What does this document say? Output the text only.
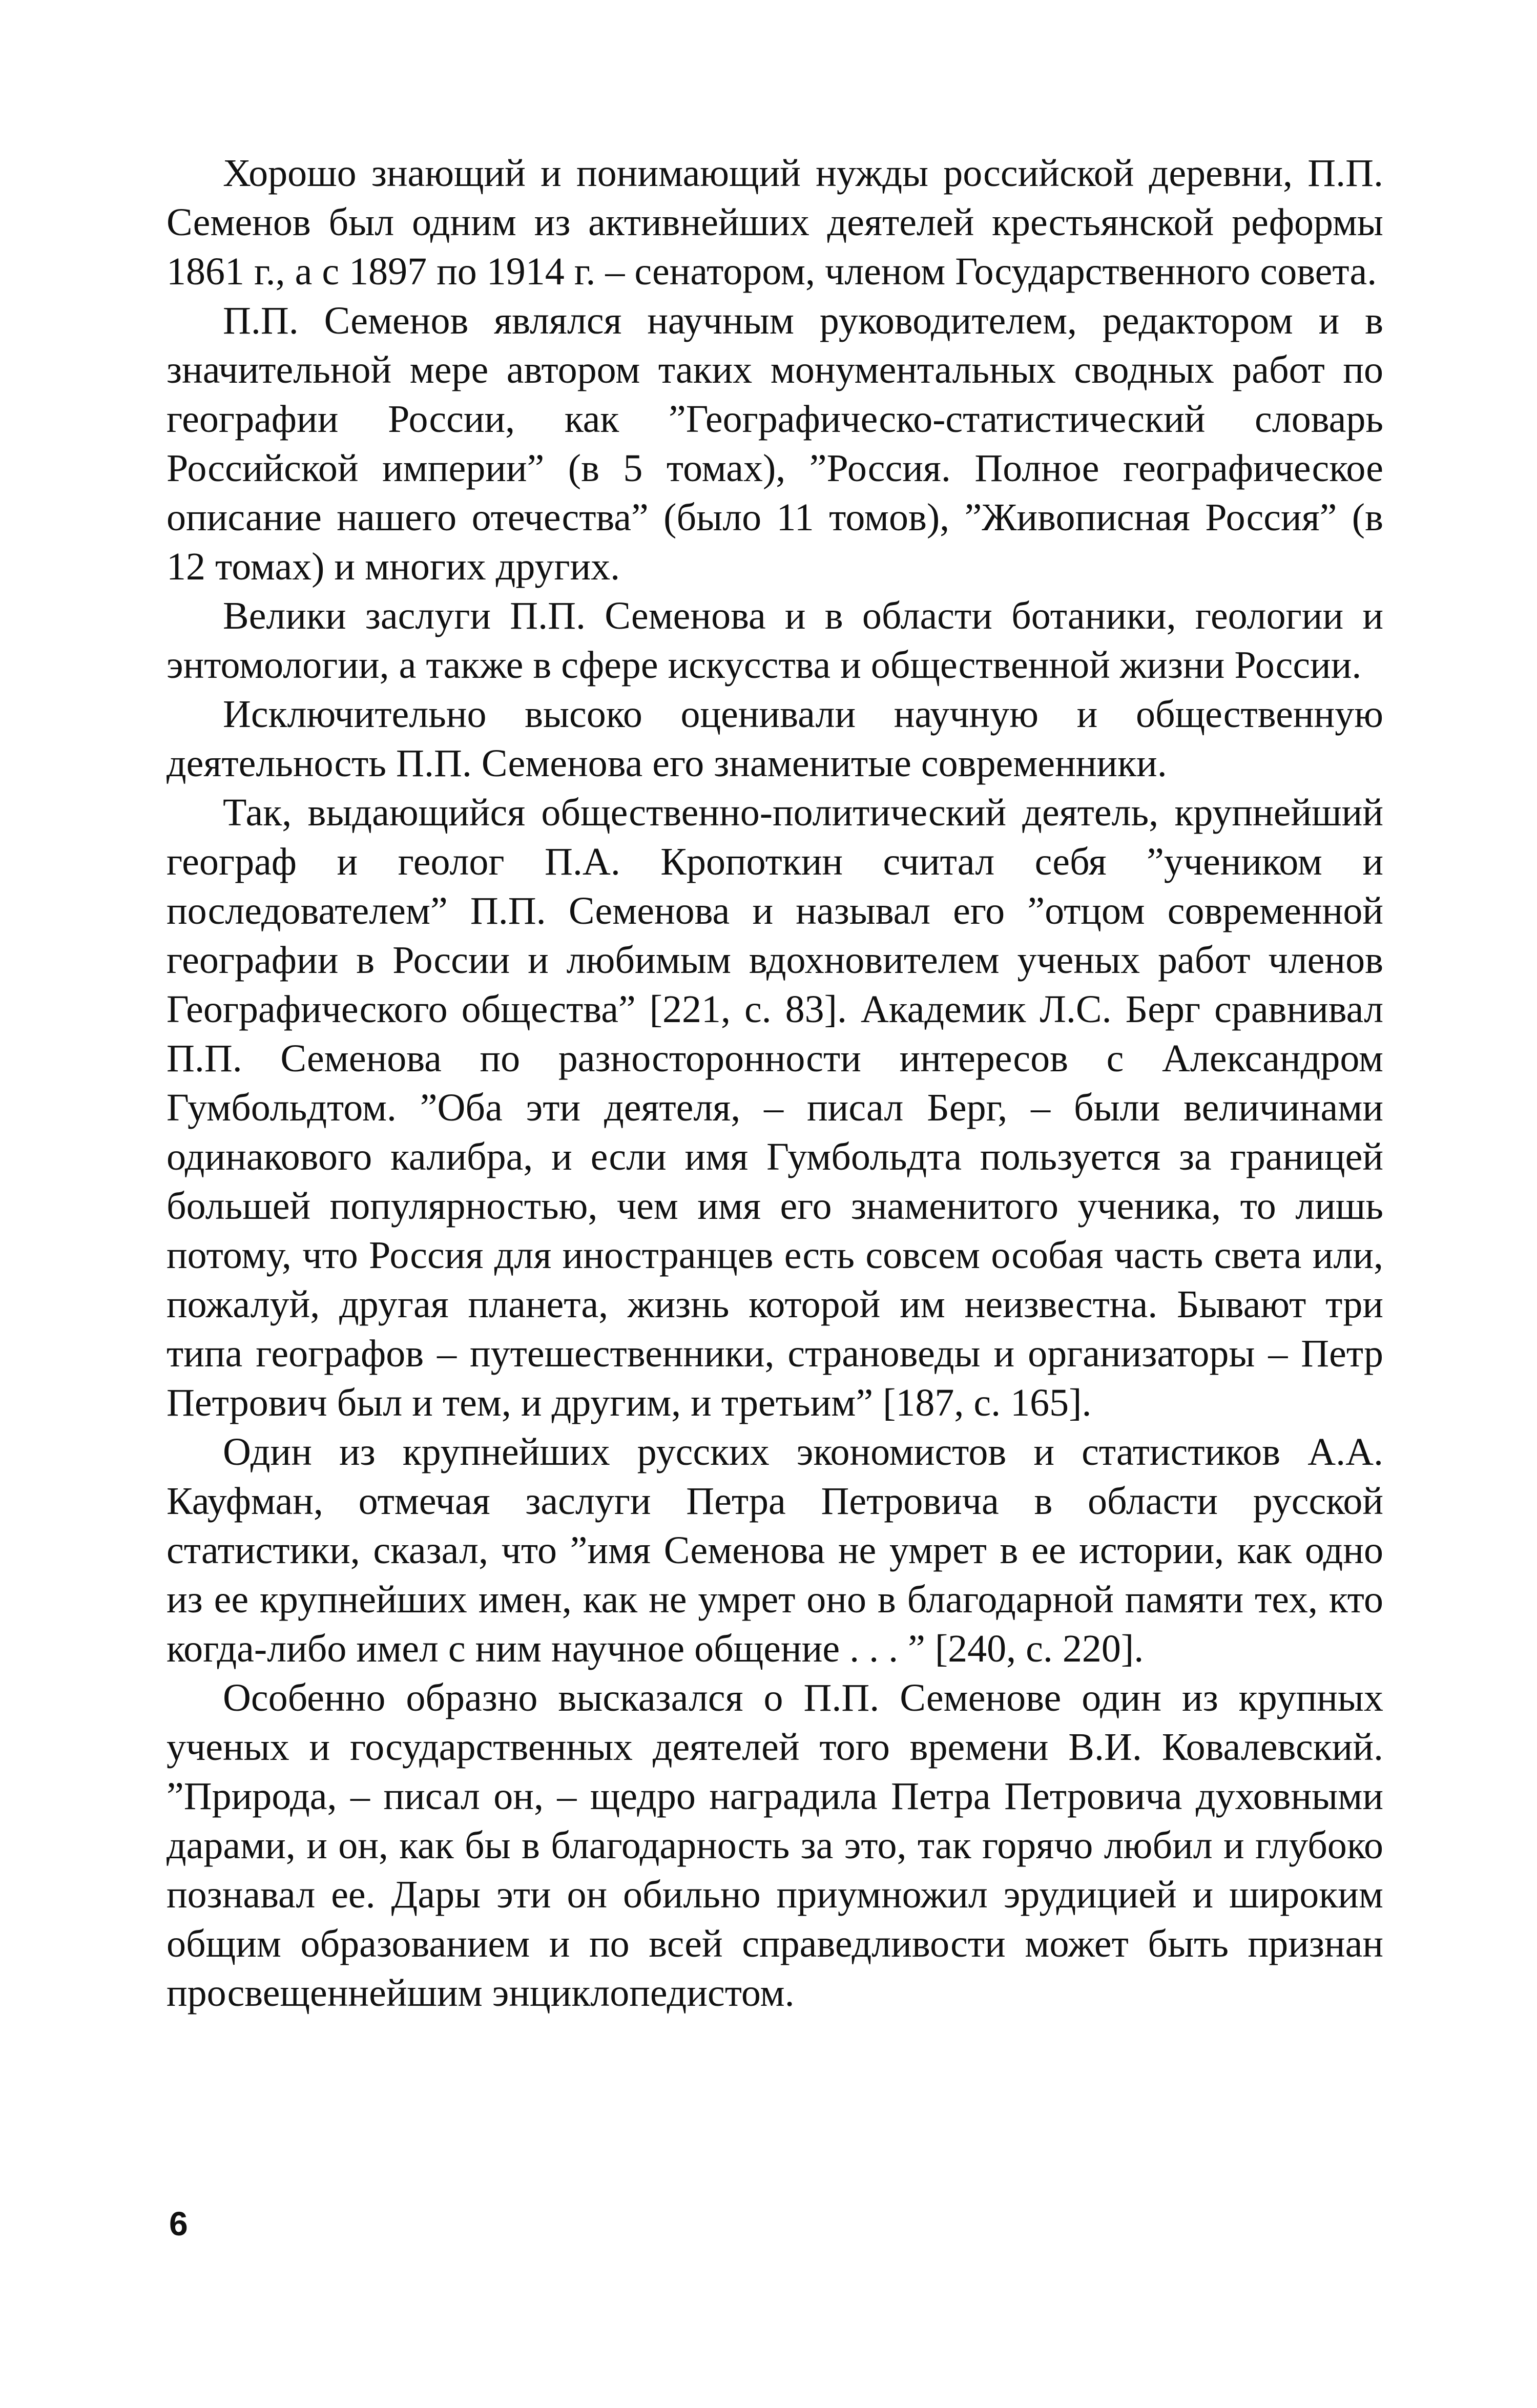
Хорошо знающий и понимающий нужды российской деревни, П.П. Семенов был одним из активнейших деятелей крестьянской реформы 1861 г., а с 1897 по 1914 г. – сенатором, членом Государственного совета.

П.П. Семенов являлся научным руководителем, редактором и в значительной мере автором таких монументальных сводных работ по географии России, как ”Географическо-статистический словарь Российской империи” (в 5 томах), ”Россия. Полное географическое описание нашего отечества” (было 11 томов), ”Живописная Россия” (в 12 томах) и многих других.

Велики заслуги П.П. Семенова и в области ботаники, геологии и энтомологии, а также в сфере искусства и общественной жизни России.

Исключительно высоко оценивали научную и общественную деятельность П.П. Семенова его знаменитые современники.

Так, выдающийся общественно-политический деятель, крупнейший географ и геолог П.А. Кропоткин считал себя ”учеником и последователем” П.П. Семенова и называл его ”отцом современной географии в России и любимым вдохновителем ученых работ членов Географического общества” [221, с. 83]. Академик Л.С. Берг сравнивал П.П. Семенова по разносторонности интересов с Александром Гумбольдтом. ”Оба эти деятеля, – писал Берг, – были величинами одинакового калибра, и если имя Гумбольдта пользуется за границей большей популярностью, чем имя его знаменитого ученика, то лишь потому, что Россия для иностранцев есть совсем особая часть света или, пожалуй, другая планета, жизнь которой им неизвестна. Бывают три типа географов – путешественники, страноведы и организаторы – Петр Петрович был и тем, и другим, и третьим” [187, с. 165].

Один из крупнейших русских экономистов и статистиков А.А. Кауфман, отмечая заслуги Петра Петровича в области русской статистики, сказал, что ”имя Семенова не умрет в ее истории, как одно из ее крупнейших имен, как не умрет оно в благодарной памяти тех, кто когда-либо имел с ним научное общение . . . ” [240, с. 220].

Особенно образно высказался о П.П. Семенове один из крупных ученых и государственных деятелей того времени В.И. Ковалевский. ”Природа, – писал он, – щедро наградила Петра Петровича духовными дарами, и он, как бы в благодарность за это, так горячо любил и глубоко познавал ее. Дары эти он обильно приумножил эрудицией и широким общим образованием и по всей справедливости может быть признан просвещеннейшим энциклопедистом.

6
